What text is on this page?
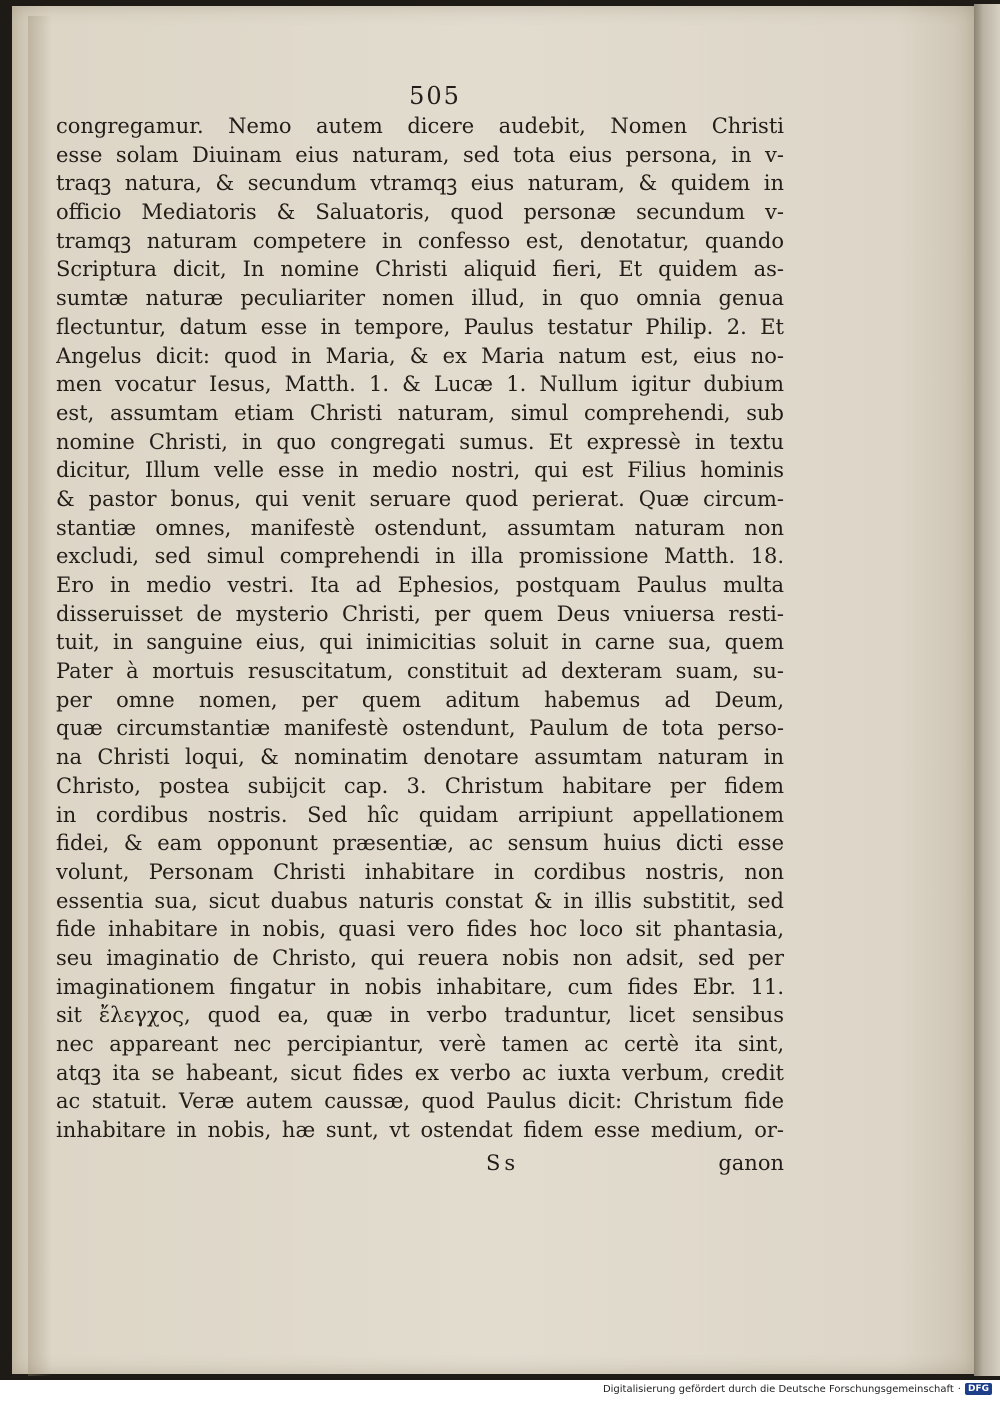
505
congregamur. Nemo autem dicere audebit, Nomen Christi
esse solam Diuinam eius naturam, sed tota eius persona, in v-
traqꝫ natura, & secundum vtramqꝫ eius naturam, & quidem in
officio Mediatoris & Saluatoris, quod personæ secundum v-
tramqꝫ naturam competere in confesso est, denotatur, quando
Scriptura dicit, In nomine Christi aliquid fieri, Et quidem as-
sumtæ naturæ peculiariter nomen illud, in quo omnia genua
flectuntur, datum esse in tempore, Paulus testatur Philip. 2. Et
Angelus dicit: quod in Maria, & ex Maria natum est, eius no-
men vocatur Iesus, Matth. 1. & Lucæ 1. Nullum igitur dubium
est, assumtam etiam Christi naturam, simul comprehendi, sub
nomine Christi, in quo congregati sumus. Et expressè in textu
dicitur, Illum velle esse in medio nostri, qui est Filius hominis
& pastor bonus, qui venit seruare quod perierat. Quæ circum-
stantiæ omnes, manifestè ostendunt, assumtam naturam non
excludi, sed simul comprehendi in illa promissione Matth. 18.
Ero in medio vestri. Ita ad Ephesios, postquam Paulus multa
disseruisset de mysterio Christi, per quem Deus vniuersa resti-
tuit, in sanguine eius, qui inimicitias soluit in carne sua, quem
Pater à mortuis resuscitatum, constituit ad dexteram suam, su-
per omne nomen, per quem aditum habemus ad Deum,
quæ circumstantiæ manifestè ostendunt, Paulum de tota perso-
na Christi loqui, & nominatim denotare assumtam naturam in
Christo, postea subijcit cap. 3. Christum habitare per fidem
in cordibus nostris. Sed hîc quidam arripiunt appellationem
fidei, & eam opponunt præsentiæ, ac sensum huius dicti esse
volunt, Personam Christi inhabitare in cordibus nostris, non
essentia sua, sicut duabus naturis constat & in illis substitit, sed
fide inhabitare in nobis, quasi vero fides hoc loco sit phantasia,
seu imaginatio de Christo, qui reuera nobis non adsit, sed per
imaginationem fingatur in nobis inhabitare, cum fides Ebr. 11.
sit ἔλεγχος, quod ea, quæ in verbo traduntur, licet sensibus
nec appareant nec percipiantur, verè tamen ac certè ita sint,
atqꝫ ita se habeant, sicut fides ex verbo ac iuxta verbum, credit
ac statuit. Veræ autem caussæ, quod Paulus dicit: Christum fide
inhabitare in nobis, hæ sunt, vt ostendat fidem esse medium, or-
Ss	ganon
Digitalisierung gefördert durch die Deutsche Forschungsgemeinschaft · DFG
